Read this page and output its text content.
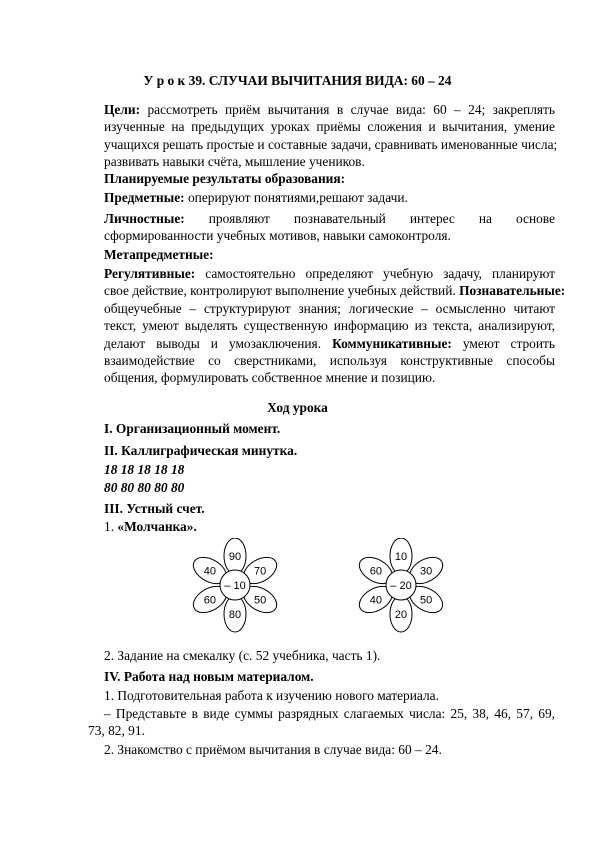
У р о к 39. СЛУЧАИ ВЫЧИТАНИЯ ВИДА: 60 – 24
Цели: рассмотреть приём вычитания в случае вида: 60 – 24; закреплять
изученные на предыдущих уроках приёмы сложения и вычитания, умение
учащихся решать простые и составные задачи, сравнивать именованные числа;
развивать навыки счёта, мышление учеников.
Планируемые результаты образования:
Предметные: оперируют понятиями,решают задачи.
Личностные: проявляют познавательный интерес на основе
сформированности учебных мотивов, навыки самоконтроля.
Метапредметные:
Регулятивные: самостоятельно определяют учебную задачу, планируют
свое действие, контролируют выполнение учебных действий. Познавательные:
общеучебные – структурируют знания; логические – осмысленно читают
текст, умеют выделять существенную информацию из текста, анализируют,
делают выводы и умозаключения. Коммуникативные: умеют строить
взаимодействие со сверстниками, используя конструктивные способы
общения, формулировать собственное мнение и позицию.
Ход урока
I. Организационный момент.
II. Каллиграфическая минутка.
18 18 18 18 18
80 80 80 80 80
III. Устный счет.
1. «Молчанка».
90
70
50
80
60
40
– 10
10
30
50
20
40
60
– 20
2. Задание на смекалку (с. 52 учебника, часть 1).
IV. Работа над новым материалом.
1. Подготовительная работа к изучению нового материала.
– Представьте в виде суммы разрядных слагаемых числа: 25, 38, 46, 57, 69,
73, 82, 91.
2. Знакомство с приёмом вычитания в случае вида: 60 – 24.
